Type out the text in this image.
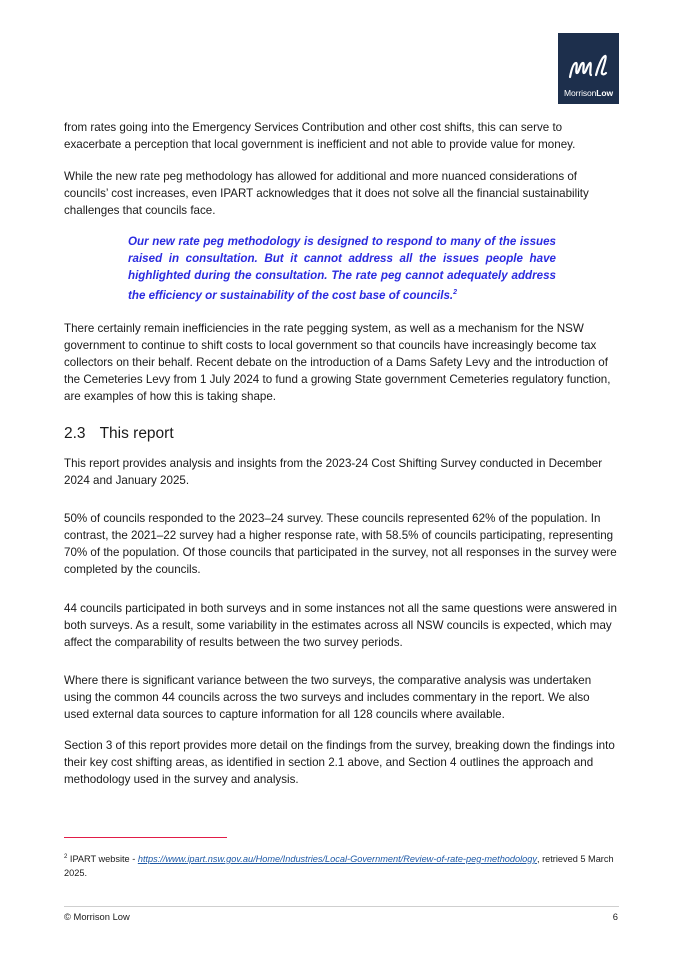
MorrisonLow

from rates going into the Emergency Services Contribution and other cost shifts, this can serve to exacerbate a perception that local government is inefficient and not able to provide value for money.

While the new rate peg methodology has allowed for additional and more nuanced considerations of councils’ cost increases, even IPART acknowledges that it does not solve all the financial sustainability challenges that councils face.

Our new rate peg methodology is designed to respond to many of the issues raised in consultation. But it cannot address all the issues people have highlighted during the consultation. The rate peg cannot adequately address the efficiency or sustainability of the cost base of councils.$^2$

There certainly remain inefficiencies in the rate pegging system, as well as a mechanism for the NSW government to continue to shift costs to local government so that councils have increasingly become tax collectors on their behalf. Recent debate on the introduction of a Dams Safety Levy and the introduction of the Cemeteries Levy from 1 July 2024 to fund a growing State government Cemeteries regulatory function, are examples of how this is taking shape.

2.3 This report

This report provides analysis and insights from the 2023-24 Cost Shifting Survey conducted in December 2024 and January 2025.

50% of councils responded to the 2023–24 survey. These councils represented 62% of the population. In contrast, the 2021–22 survey had a higher response rate, with 58.5% of councils participating, representing 70% of the population. Of those councils that participated in the survey, not all responses in the survey were completed by the councils.

44 councils participated in both surveys and in some instances not all the same questions were answered in both surveys. As a result, some variability in the estimates across all NSW councils is expected, which may affect the comparability of results between the two survey periods.

Where there is significant variance between the two surveys, the comparative analysis was undertaken using the common 44 councils across the two surveys and includes commentary in the report. We also used external data sources to capture information for all 128 councils where available.

Section 3 of this report provides more detail on the findings from the survey, breaking down the findings into their key cost shifting areas, as identified in section 2.1 above, and Section 4 outlines the approach and methodology used in the survey and analysis.

$^2$ IPART website - https://www.ipart.nsw.gov.au/Home/Industries/Local-Government/Review-of-rate-peg-methodology, retrieved 5 March 2025.
© Morrison Low	6
